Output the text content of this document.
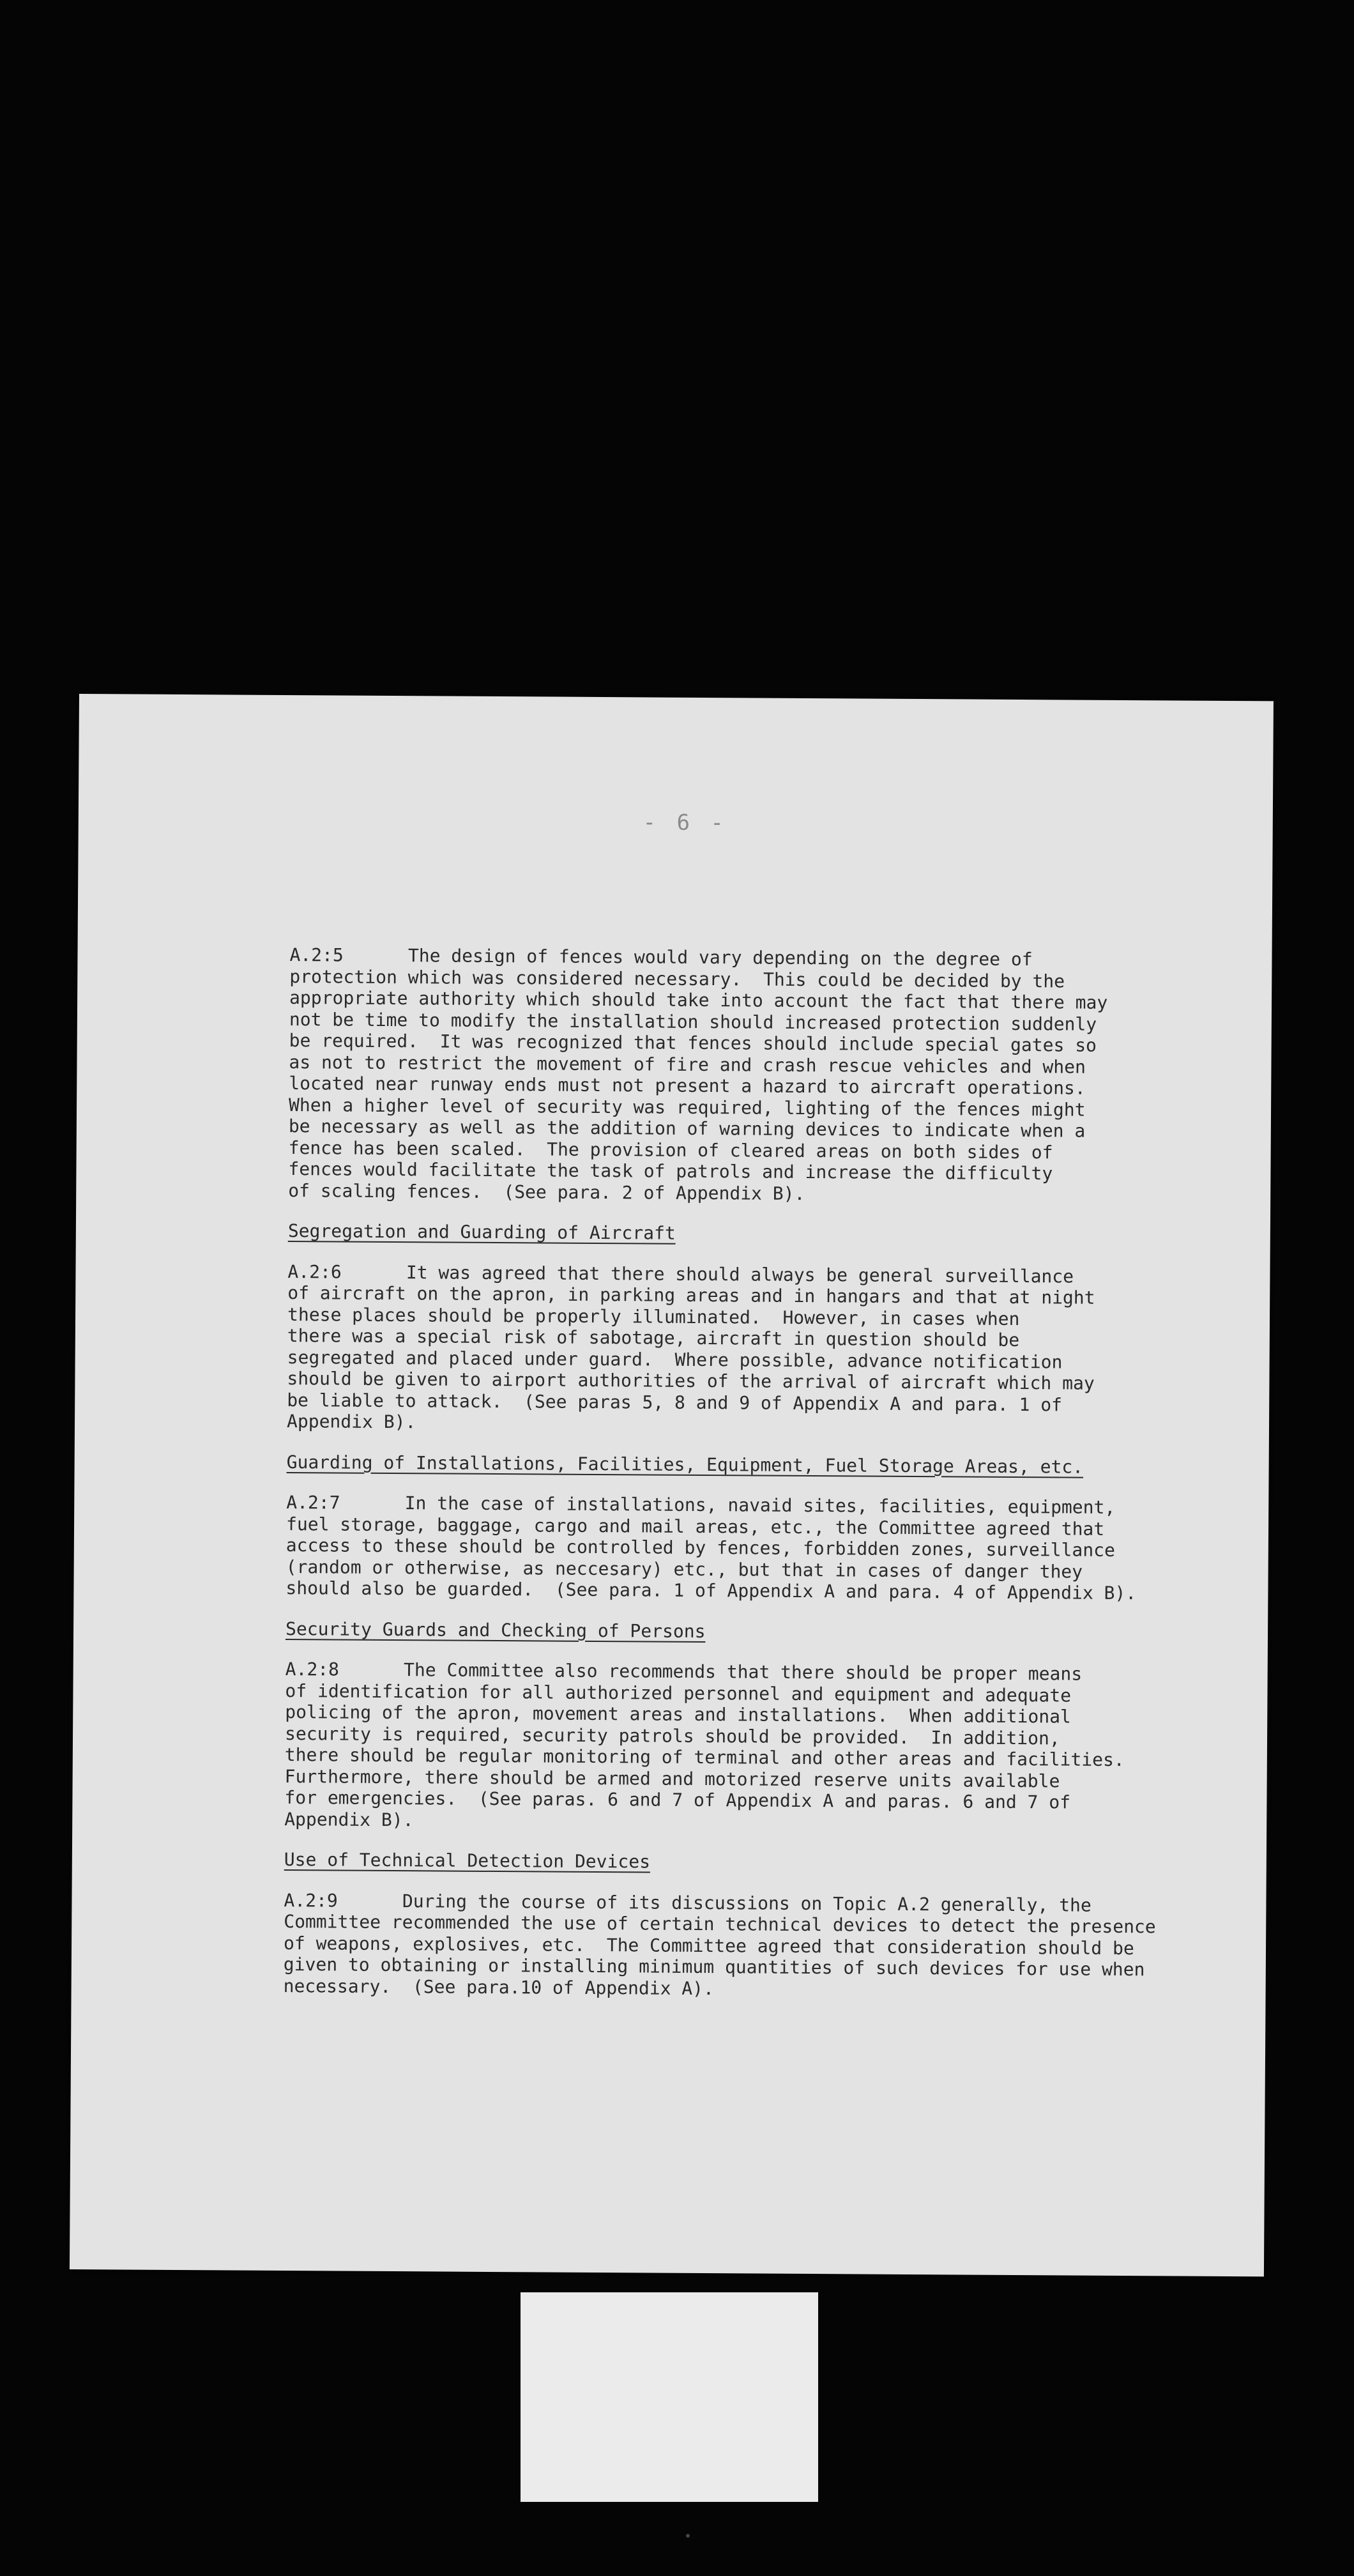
- 6 -
A.2:5      The design of fences would vary depending on the degree of
protection which was considered necessary.  This could be decided by the
appropriate authority which should take into account the fact that there may
not be time to modify the installation should increased protection suddenly
be required.  It was recognized that fences should include special gates so
as not to restrict the movement of fire and crash rescue vehicles and when
located near runway ends must not present a hazard to aircraft operations.
When a higher level of security was required, lighting of the fences might
be necessary as well as the addition of warning devices to indicate when a
fence has been scaled.  The provision of cleared areas on both sides of
fences would facilitate the task of patrols and increase the difficulty
of scaling fences.  (See para. 2 of Appendix B).
Segregation and Guarding of Aircraft
A.2:6      It was agreed that there should always be general surveillance
of aircraft on the apron, in parking areas and in hangars and that at night
these places should be properly illuminated.  However, in cases when
there was a special risk of sabotage, aircraft in question should be
segregated and placed under guard.  Where possible, advance notification
should be given to airport authorities of the arrival of aircraft which may
be liable to attack.  (See paras 5, 8 and 9 of Appendix A and para. 1 of
Appendix B).
Guarding of Installations, Facilities, Equipment, Fuel Storage Areas, etc.
A.2:7      In the case of installations, navaid sites, facilities, equipment,
fuel storage, baggage, cargo and mail areas, etc., the Committee agreed that
access to these should be controlled by fences, forbidden zones, surveillance
(random or otherwise, as neccesary) etc., but that in cases of danger they
should also be guarded.  (See para. 1 of Appendix A and para. 4 of Appendix B).
Security Guards and Checking of Persons
A.2:8      The Committee also recommends that there should be proper means
of identification for all authorized personnel and equipment and adequate
policing of the apron, movement areas and installations.  When additional
security is required, security patrols should be provided.  In addition,
there should be regular monitoring of terminal and other areas and facilities.
Furthermore, there should be armed and motorized reserve units available
for emergencies.  (See paras. 6 and 7 of Appendix A and paras. 6 and 7 of
Appendix B).
Use of Technical Detection Devices
A.2:9      During the course of its discussions on Topic A.2 generally, the
Committee recommended the use of certain technical devices to detect the presence
of weapons, explosives, etc.  The Committee agreed that consideration should be
given to obtaining or installing minimum quantities of such devices for use when
necessary.  (See para.10 of Appendix A).
